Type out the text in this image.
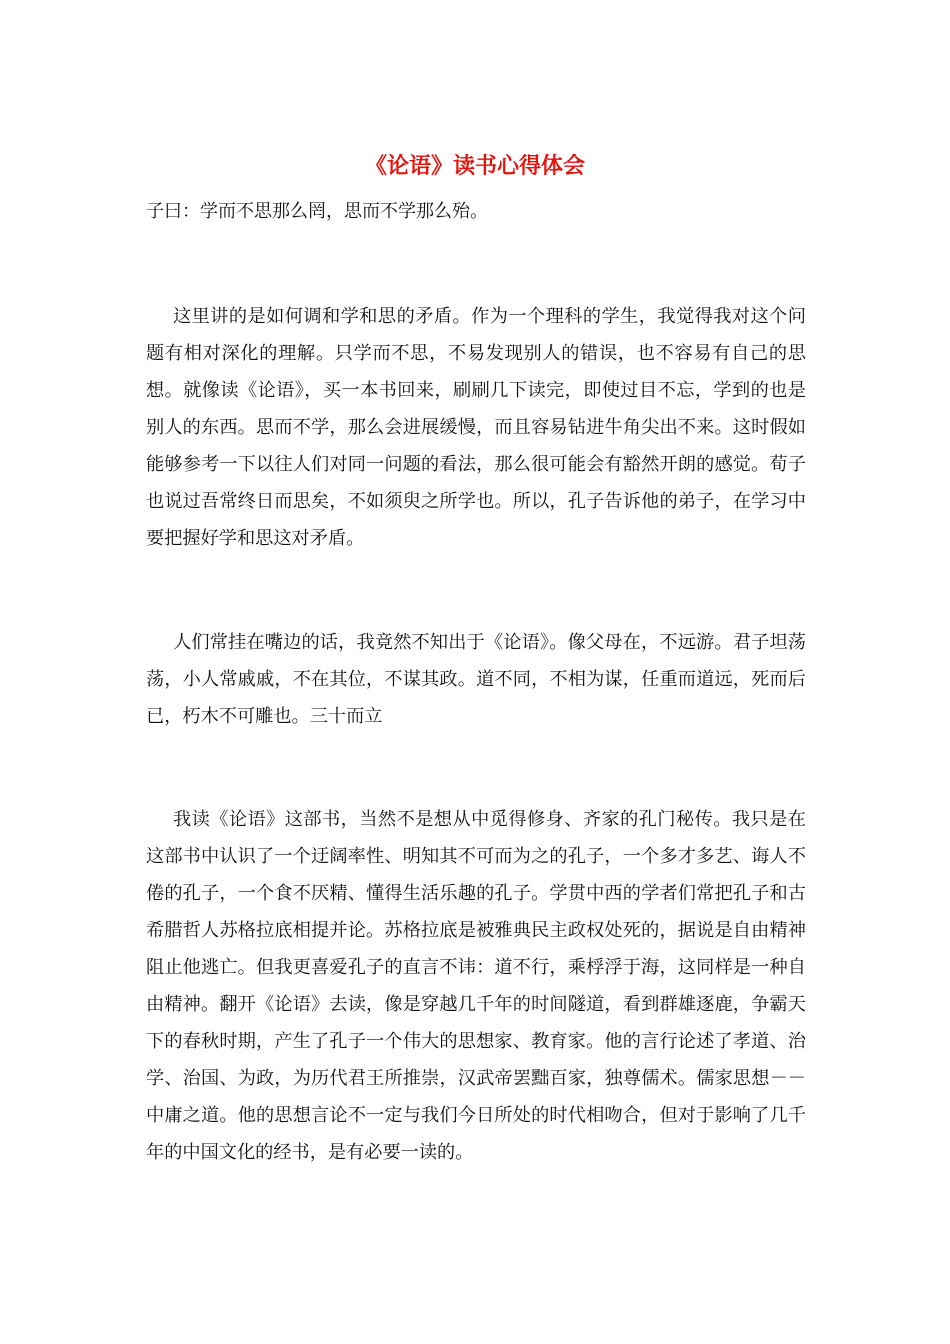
《论语》读书心得体会
子曰：学而不思那么罔，思而不学那么殆。

这里讲的是如何调和学和思的矛盾。作为一个理科的学生，我觉得我对这个问题有相对深化的理解。只学而不思，不易发现别人的错误，也不容易有自己的思想。就像读《论语》，买一本书回来，刷刷几下读完，即使过目不忘，学到的也是别人的东西。思而不学，那么会进展缓慢，而且容易钻进牛角尖出不来。这时假如能够参考一下以往人们对同一问题的看法，那么很可能会有豁然开朗的感觉。荀子也说过吾常终日而思矣，不如须臾之所学也。所以，孔子告诉他的弟子，在学习中要把握好学和思这对矛盾。

人们常挂在嘴边的话，我竟然不知出于《论语》。像父母在，不远游。君子坦荡荡，小人常戚戚，不在其位，不谋其政。道不同，不相为谋，任重而道远，死而后已，朽木不可雕也。三十而立

我读《论语》这部书，当然不是想从中觅得修身、齐家的孔门秘传。我只是在这部书中认识了一个迂阔率性、明知其不可而为之的孔子，一个多才多艺、诲人不倦的孔子，一个食不厌精、懂得生活乐趣的孔子。学贯中西的学者们常把孔子和古希腊哲人苏格拉底相提并论。苏格拉底是被雅典民主政权处死的，据说是自由精神阻止他逃亡。但我更喜爱孔子的直言不讳：道不行，乘桴浮于海，这同样是一种自由精神。翻开《论语》去读，像是穿越几千年的时间隧道，看到群雄逐鹿，争霸天下的春秋时期，产生了孔子一个伟大的思想家、教育家。他的言行论述了孝道、治学、治国、为政，为历代君王所推崇，汉武帝罢黜百家，独尊儒术。儒家思想－－中庸之道。他的思想言论不一定与我们今日所处的时代相吻合，但对于影响了几千年的中国文化的经书，是有必要一读的。
